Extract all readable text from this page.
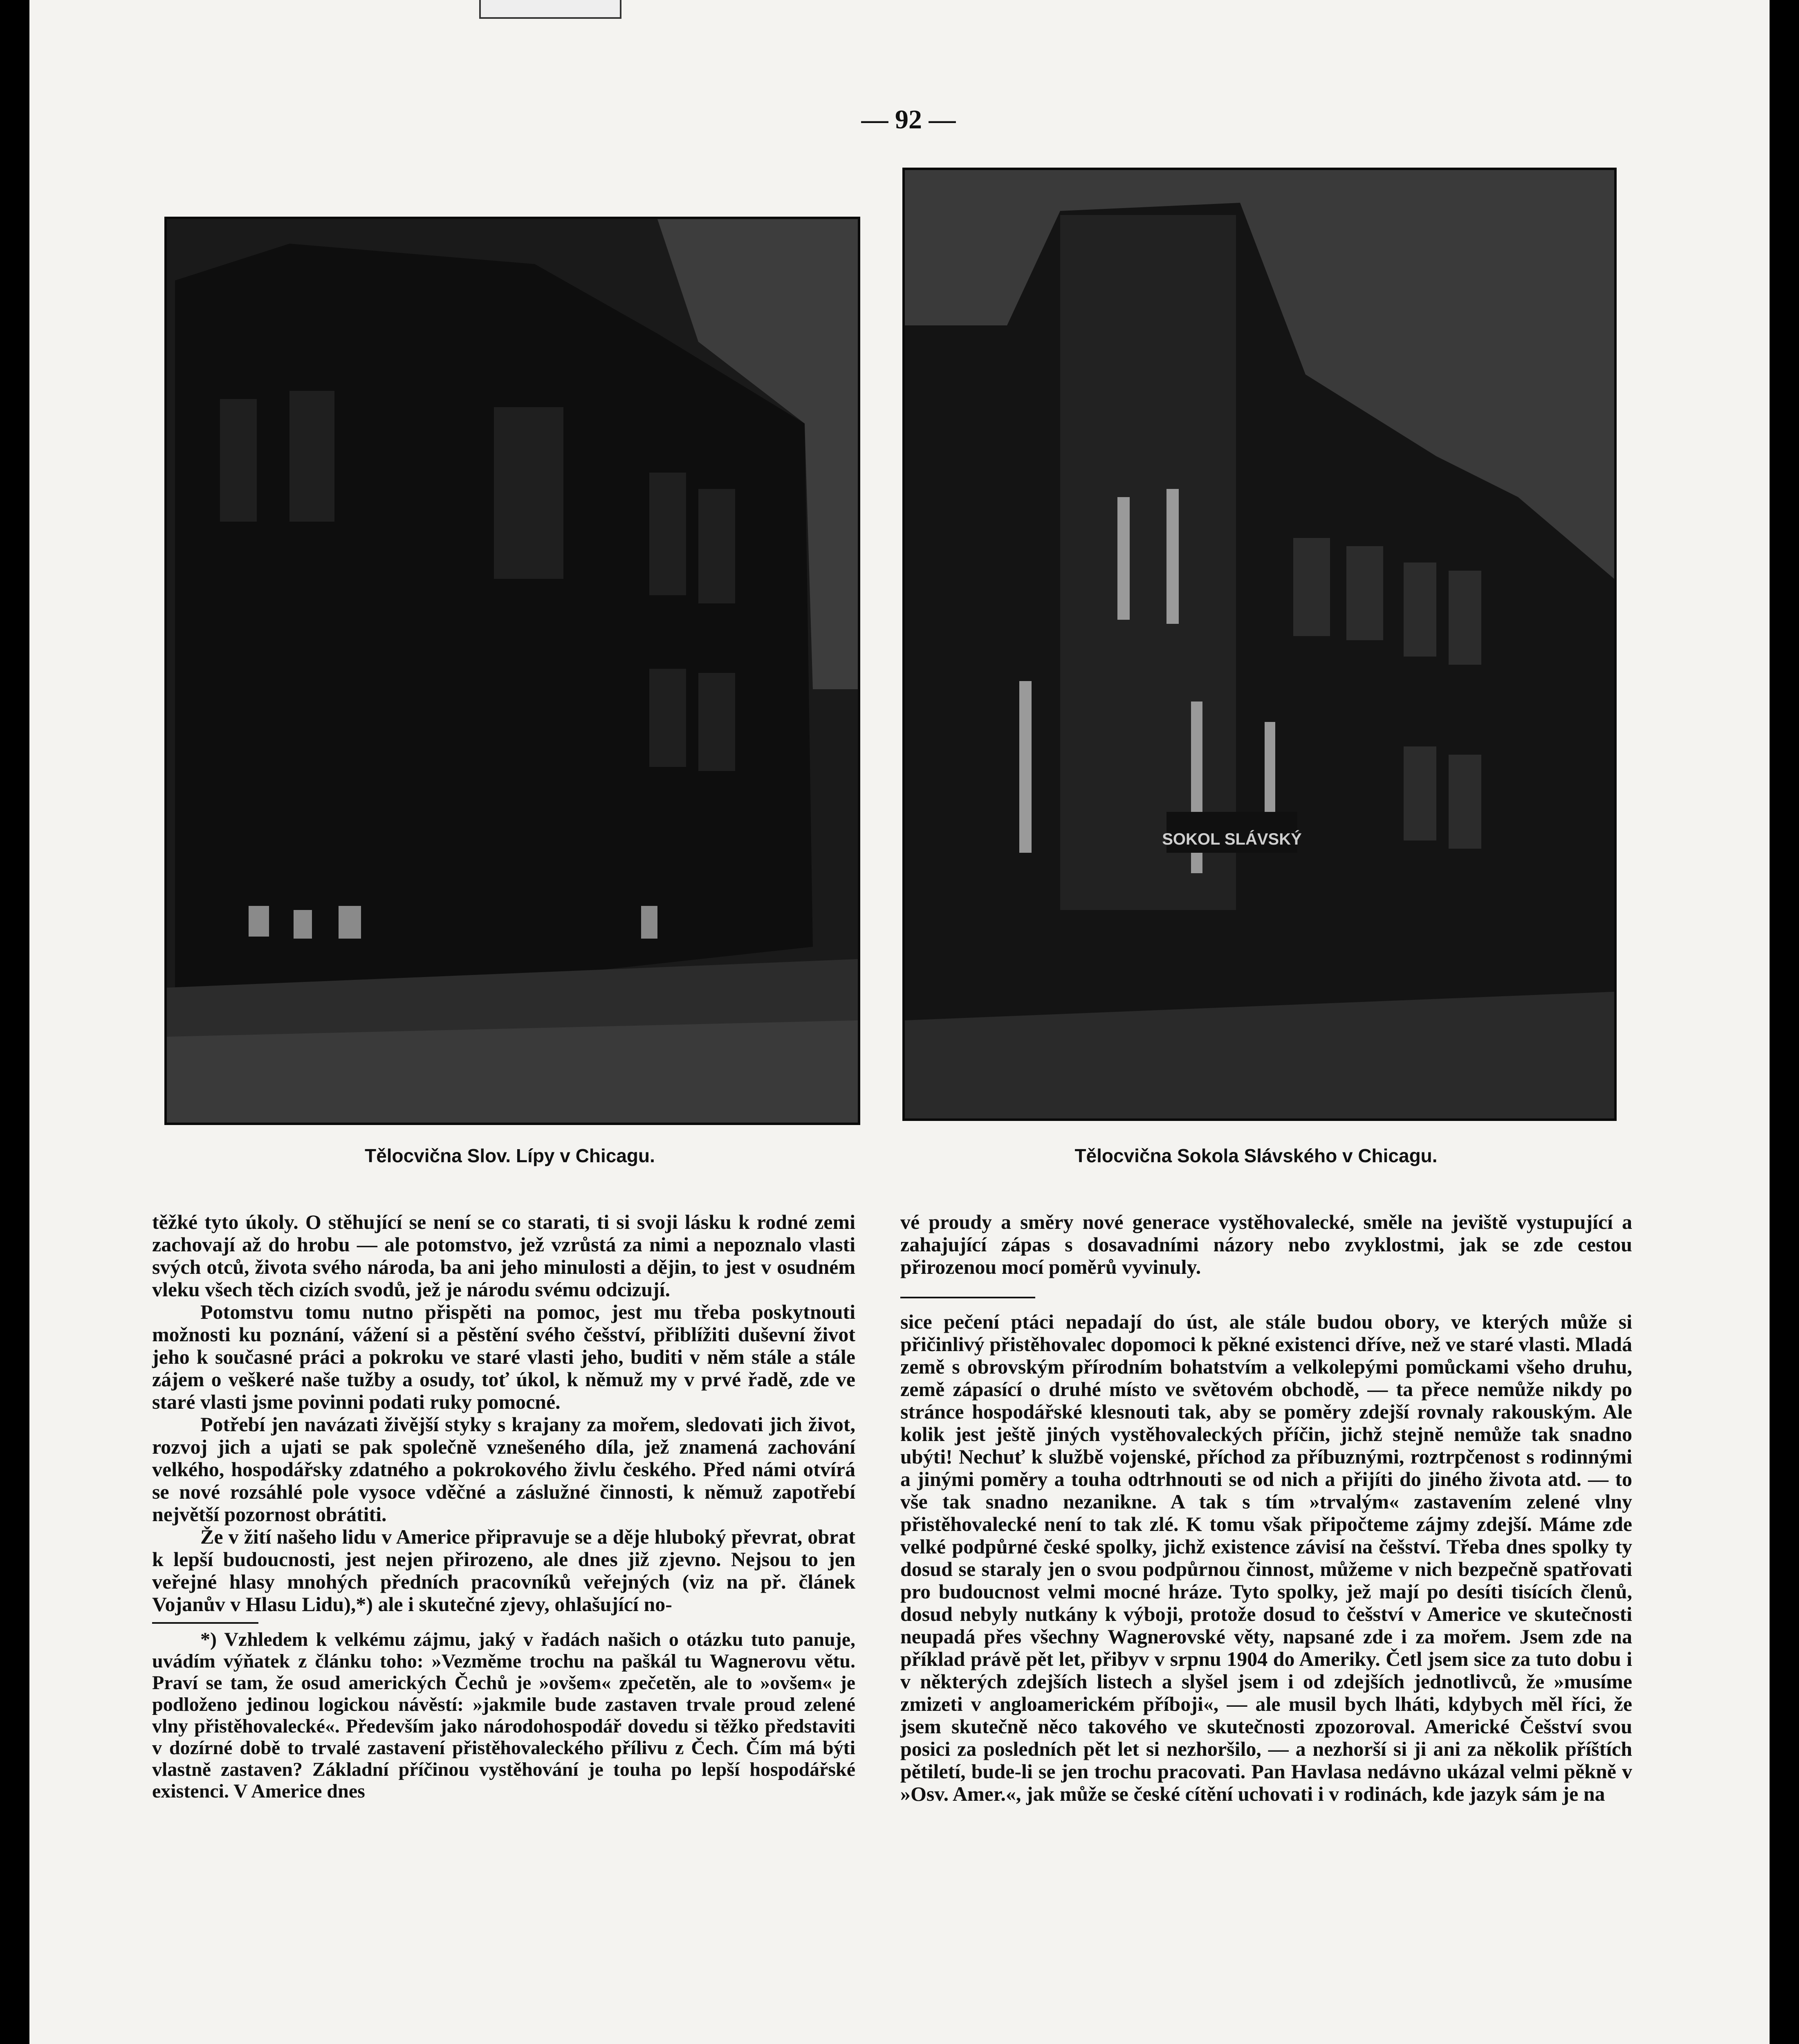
— 92 —
SOKOL SLÁVSKÝ
Tělocvična Slov. Lípy v Chicagu.	Tělocvična Sokola Slávského v Chicagu.

těžké tyto úkoly. O stěhující se není se co starati, ti si svoji lásku k rodné zemi zachovají až do hrobu — ale potomstvo, jež vzrůstá za nimi a nepoznalo vlasti svých otců, života svého národa, ba ani jeho minulosti a dějin, to jest v osudném vleku všech těch cizích svodů, jež je národu svému odcizují.

Potomstvu tomu nutno přispěti na pomoc, jest mu třeba poskytnouti možnosti ku poznání, vážení si a pěstění svého češství, přiblížiti duševní život jeho k současné práci a pokroku ve staré vlasti jeho, buditi v něm stále a stále zájem o veškeré naše tužby a osudy, toť úkol, k němuž my v prvé řadě, zde ve staré vlasti jsme povinni podati ruky pomocné.

Potřebí jen navázati živější styky s krajany za mořem, sledovati jich život, rozvoj jich a ujati se pak společně vznešeného díla, jež znamená zachování velkého, hospodářsky zdatného a pokrokového živlu českého. Před námi otvírá se nové rozsáhlé pole vysoce vděčné a záslužné činnosti, k němuž zapotřebí největší pozornost obrátiti.

Že v žití našeho lidu v Americe připravuje se a děje hluboký převrat, obrat k lepší budoucnosti, jest nejen přirozeno, ale dnes již zjevno. Nejsou to jen veřejné hlasy mnohých předních pracovníků veřejných (viz na př. článek Vojanův v Hlasu Lidu),*) ale i skutečné zjevy, ohlašující no-

*) Vzhledem k velkému zájmu, jaký v řadách našich o otázku tuto panuje, uvádím výňatek z článku toho: »Vezměme trochu na paškál tu Wagnerovu větu. Praví se tam, že osud amerických Čechů je »ovšem« zpečetěn, ale to »ovšem« je podloženo jedinou logickou návěstí: »jakmile bude zastaven trvale proud zelené vlny přistěhovalecké«. Především jako národohospodář dovedu si těžko představiti v dozírné době to trvalé zastavení přistěhovaleckého přílivu z Čech. Čím má býti vlastně zastaven? Základní příčinou vystěhování je touha po lepší hospodářské existenci. V Americe dnes

vé proudy a směry nové generace vystěhovalecké, směle na jeviště vystupující a zahajující zápas s dosavadními názory nebo zvyklostmi, jak se zde cestou přirozenou mocí poměrů vyvinuly.

sice pečení ptáci nepadají do úst, ale stále budou obory, ve kterých může si přičinlivý přistěhovalec dopomoci k pěkné existenci dříve, než ve staré vlasti. Mladá země s obrovským přírodním bohatstvím a velkolepými pomůckami všeho druhu, země zápasící o druhé místo ve světovém obchodě, — ta přece nemůže nikdy po stránce hospodářské klesnouti tak, aby se poměry zdejší rovnaly rakouským. Ale kolik jest ještě jiných vystěhovaleckých příčin, jichž stejně nemůže tak snadno ubýti! Nechuť k službě vojenské, příchod za příbuznými, roztrpčenost s rodinnými a jinými poměry a touha odtrhnouti se od nich a přijíti do jiného života atd. — to vše tak snadno nezanikne. A tak s tím »trvalým« zastavením zelené vlny přistěhovalecké není to tak zlé. K tomu však připočteme zájmy zdejší. Máme zde velké podpůrné české spolky, jichž existence závisí na češství. Třeba dnes spolky ty dosud se staraly jen o svou podpůrnou činnost, můžeme v nich bezpečně spatřovati pro budoucnost velmi mocné hráze. Tyto spolky, jež mají po desíti tisících členů, dosud nebyly nutkány k výboji, protože dosud to češství v Americe ve skutečnosti neupadá přes všechny Wagnerovské věty, napsané zde i za mořem. Jsem zde na příklad právě pět let, přibyv v srpnu 1904 do Ameriky. Četl jsem sice za tuto dobu i v některých zdejších listech a slyšel jsem i od zdejších jednotlivců, že »musíme zmizeti v angloamerickém příboji«, — ale musil bych lháti, kdybych měl říci, že jsem skutečně něco takového ve skutečnosti zpozoroval. Americké Češství svou posici za posledních pět let si nezhoršilo, — a nezhorší si ji ani za několik příštích pětiletí, bude-li se jen trochu pracovati. Pan Havlasa nedávno ukázal velmi pěkně v »Osv. Amer.«, jak může se české cítění uchovati i v rodinách, kde jazyk sám je na
